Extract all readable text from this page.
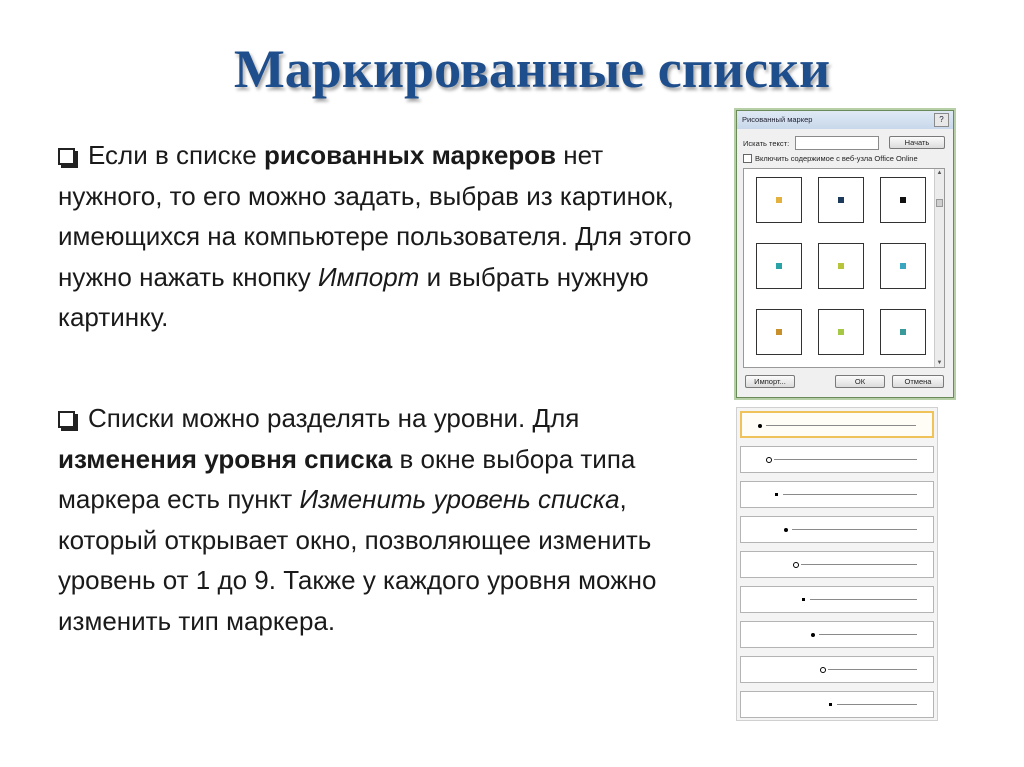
Маркированные списки
Если в списке рисованных маркеров нет нужного, то его можно задать, выбрав из картинок, имеющихся на компьютере пользователя. Для этого нужно нажать кнопку Импорт и выбрать нужную картинку.
Списки можно разделять на уровни. Для изменения уровня списка в окне выбора типа маркера есть пункт Изменить уровень списка, который открывает окно, позволяющее изменить уровень от 1 до 9. Также у каждого уровня можно изменить тип маркера.
Рисованный маркер	?
Искать текст:	Начать
Включить содержимое с веб-узла Office Online
▲
▼
Импорт...	ОК	Отмена
